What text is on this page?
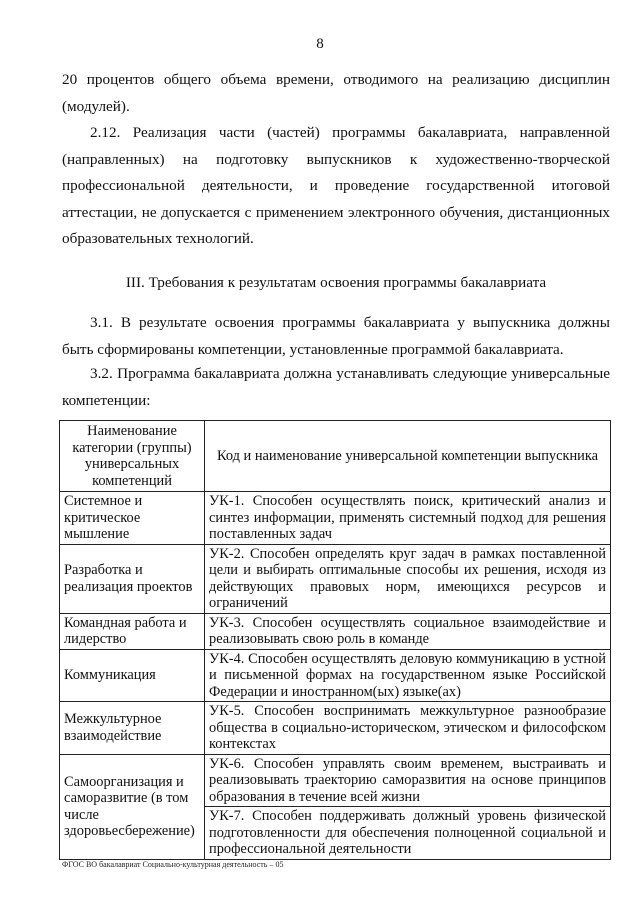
8

20 процентов общего объема времени, отводимого на реализацию дисциплин

(модулей).

2.12. Реализация части (частей) программы бакалавриата, направленной (направленных) на подготовку выпускников к художественно-творческой профессиональной деятельности, и проведение государственной итоговой аттестации, не допускается с применением электронного обучения, дистанционных образовательных технологий.

III. Требования к результатам освоения программы бакалавриата

3.1. В результате освоения программы бакалавриата у выпускника должны быть сформированы компетенции, установленные программой бакалавриата.

3.2. Программа бакалавриата должна устанавливать следующие универсальные компетенции:

Наименование категории (группы) универсальных компетенций	Код и наименование универсальной компетенции выпускника
Системное и критическое мышление	УК-1. Способен осуществлять поиск, критический анализ и синтез информации, применять системный подход для решения поставленных задач
Разработка и реализация проектов	УК-2. Способен определять круг задач в рамках поставленной цели и выбирать оптимальные способы их решения, исходя из действующих правовых норм, имеющихся ресурсов и ограничений
Командная работа и лидерство	УК-3. Способен осуществлять социальное взаимодействие и реализовывать свою роль в команде
Коммуникация	УК-4. Способен осуществлять деловую коммуникацию в устной и письменной формах на государственном языке Российской Федерации и иностранном(ых) языке(ах)
Межкультурное взаимодействие	УК-5. Способен воспринимать межкультурное разнообразие общества в социально-историческом, этическом и философском контекстах
Самоорганизация и саморазвитие (в том числе здоровьесбережение)	УК-6. Способен управлять своим временем, выстраивать и реализовывать траекторию саморазвития на основе принципов образования в течение всей жизни
	УК-7. Способен поддерживать должный уровень физической подготовленности для обеспечения полноценной социальной и профессиональной деятельности
ФГОС ВО бакалавриат Социально-культурная деятельность – 05
